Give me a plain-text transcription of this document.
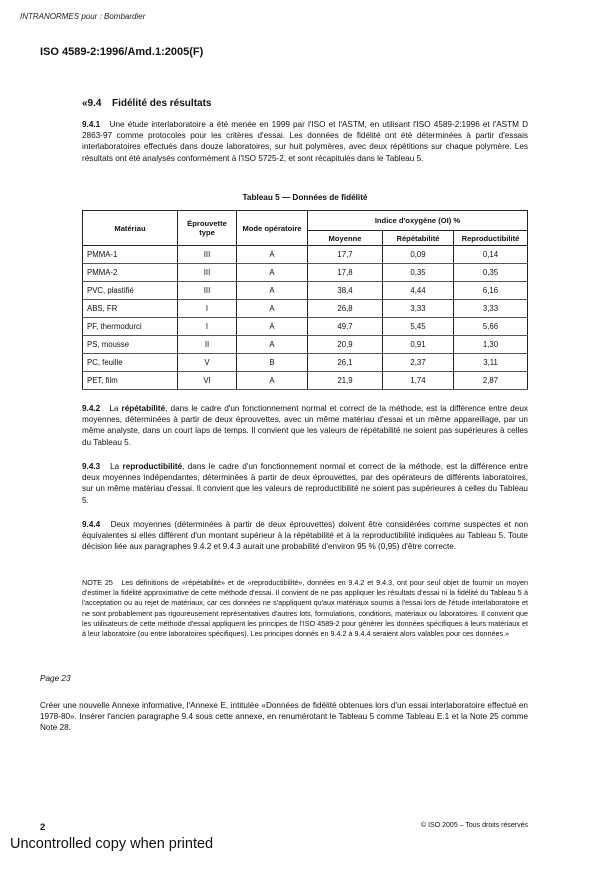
INTRANORMES pour : Bombardier
ISO 4589-2:1996/Amd.1:2005(F)
«9.4 Fidélité des résultats
9.4.1 Une étude interlaboratoire a été menée en 1999 par l'ISO et l'ASTM, en utilisant l'ISO 4589-2:1996 et l'ASTM D 2863-97 comme protocoles pour les critères d'essai. Les données de fidélité ont été déterminées à partir d'essais interlaboratoires effectués dans douze laboratoires, sur huit polymères, avec deux répétitions sur chaque polymère. Les résultats ont été analysés conformément à l'ISO 5725-2, et sont récapitulés dans le Tableau 5.
Tableau 5 — Données de fidélité
Matériau	Éprouvette type	Mode opératoire	Indice d'oxygène (OI) %		
			Moyenne	Répétabilité	Reproductibilité
PMMA-1	III	A	17,7	0,09	0,14
PMMA-2	III	A	17,8	0,35	0,35
PVC, plastifié	III	A	38,4	4,44	6,16
ABS, FR	I	A	26,8	3,33	3,33
PF, thermodurci	I	A	49,7	5,45	5,66
PS, mousse	II	A	20,9	0,91	1,30
PC, feuille	V	B	26,1	2,37	3,11
PET, film	VI	A	21,9	1,74	2,87
9.4.2 La répétabilité, dans le cadre d'un fonctionnement normal et correct de la méthode, est la différence entre deux moyennes, déterminées à partir de deux éprouvettes, avec un même matériau d'essai et un même appareillage, par un même analyste, dans un court laps de temps. Il convient que les valeurs de répétabilité ne soient pas supérieures à celles du Tableau 5.
9.4.3 La reproductibilité, dans le cadre d'un fonctionnement normal et correct de la méthode, est la différence entre deux moyennes indépendantes, déterminées à partir de deux éprouvettes, par des opérateurs de différents laboratoires, sur un même matériau d'essai. Il convient que les valeurs de reproductibilité ne soient pas supérieures à celles du Tableau 5.
9.4.4 Deux moyennes (déterminées à partir de deux éprouvettes) doivent être considérées comme suspectes et non équivalentes si elles diffèrent d'un montant supérieur à la répétabilité et à la reproductibilité indiquées au Tableau 5. Toute décision liée aux paragraphes 9.4.2 et 9.4.3 aurait une probabilité d'environ 95 % (0,95) d'être correcte.
NOTE 25 Les définitions de «répétabilité» et de «reproductibilité», données en 9.4.2 et 9.4.3, ont pour seul objet de fournir un moyen d'estimer la fidélité approximative de cette méthode d'essai. Il convient de ne pas appliquer les résultats d'essai ni la fidélité du Tableau 5 à l'acceptation ou au rejet de matériaux, car ces données ne s'appliquent qu'aux matériaux soumis à l'essai lors de l'étude interlaboratoire et ne sont probablement pas rigoureusement représentatives d'autres lots, formulations, conditions, matériaux ou laboratoires. Il convient que les utilisateurs de cette méthode d'essai appliquent les principes de l'ISO 4589-2 pour générer les données spécifiques à leurs matériaux et à leur laboratoire (ou entre laboratoires spécifiques). Les principes donnés en 9.4.2 à 9.4.4 seraient alors valables pour ces données.»
Page 23
Créer une nouvelle Annexe informative, l'Annexe E, intitulée «Données de fidélité obtenues lors d'un essai interlaboratoire effectué en 1978-80». Insérer l'ancien paragraphe 9.4 sous cette annexe, en renumérotant le Tableau 5 comme Tableau E.1 et la Note 25 comme Note 28.
2	© ISO 2005 – Tous droits réservés
Uncontrolled copy when printed
